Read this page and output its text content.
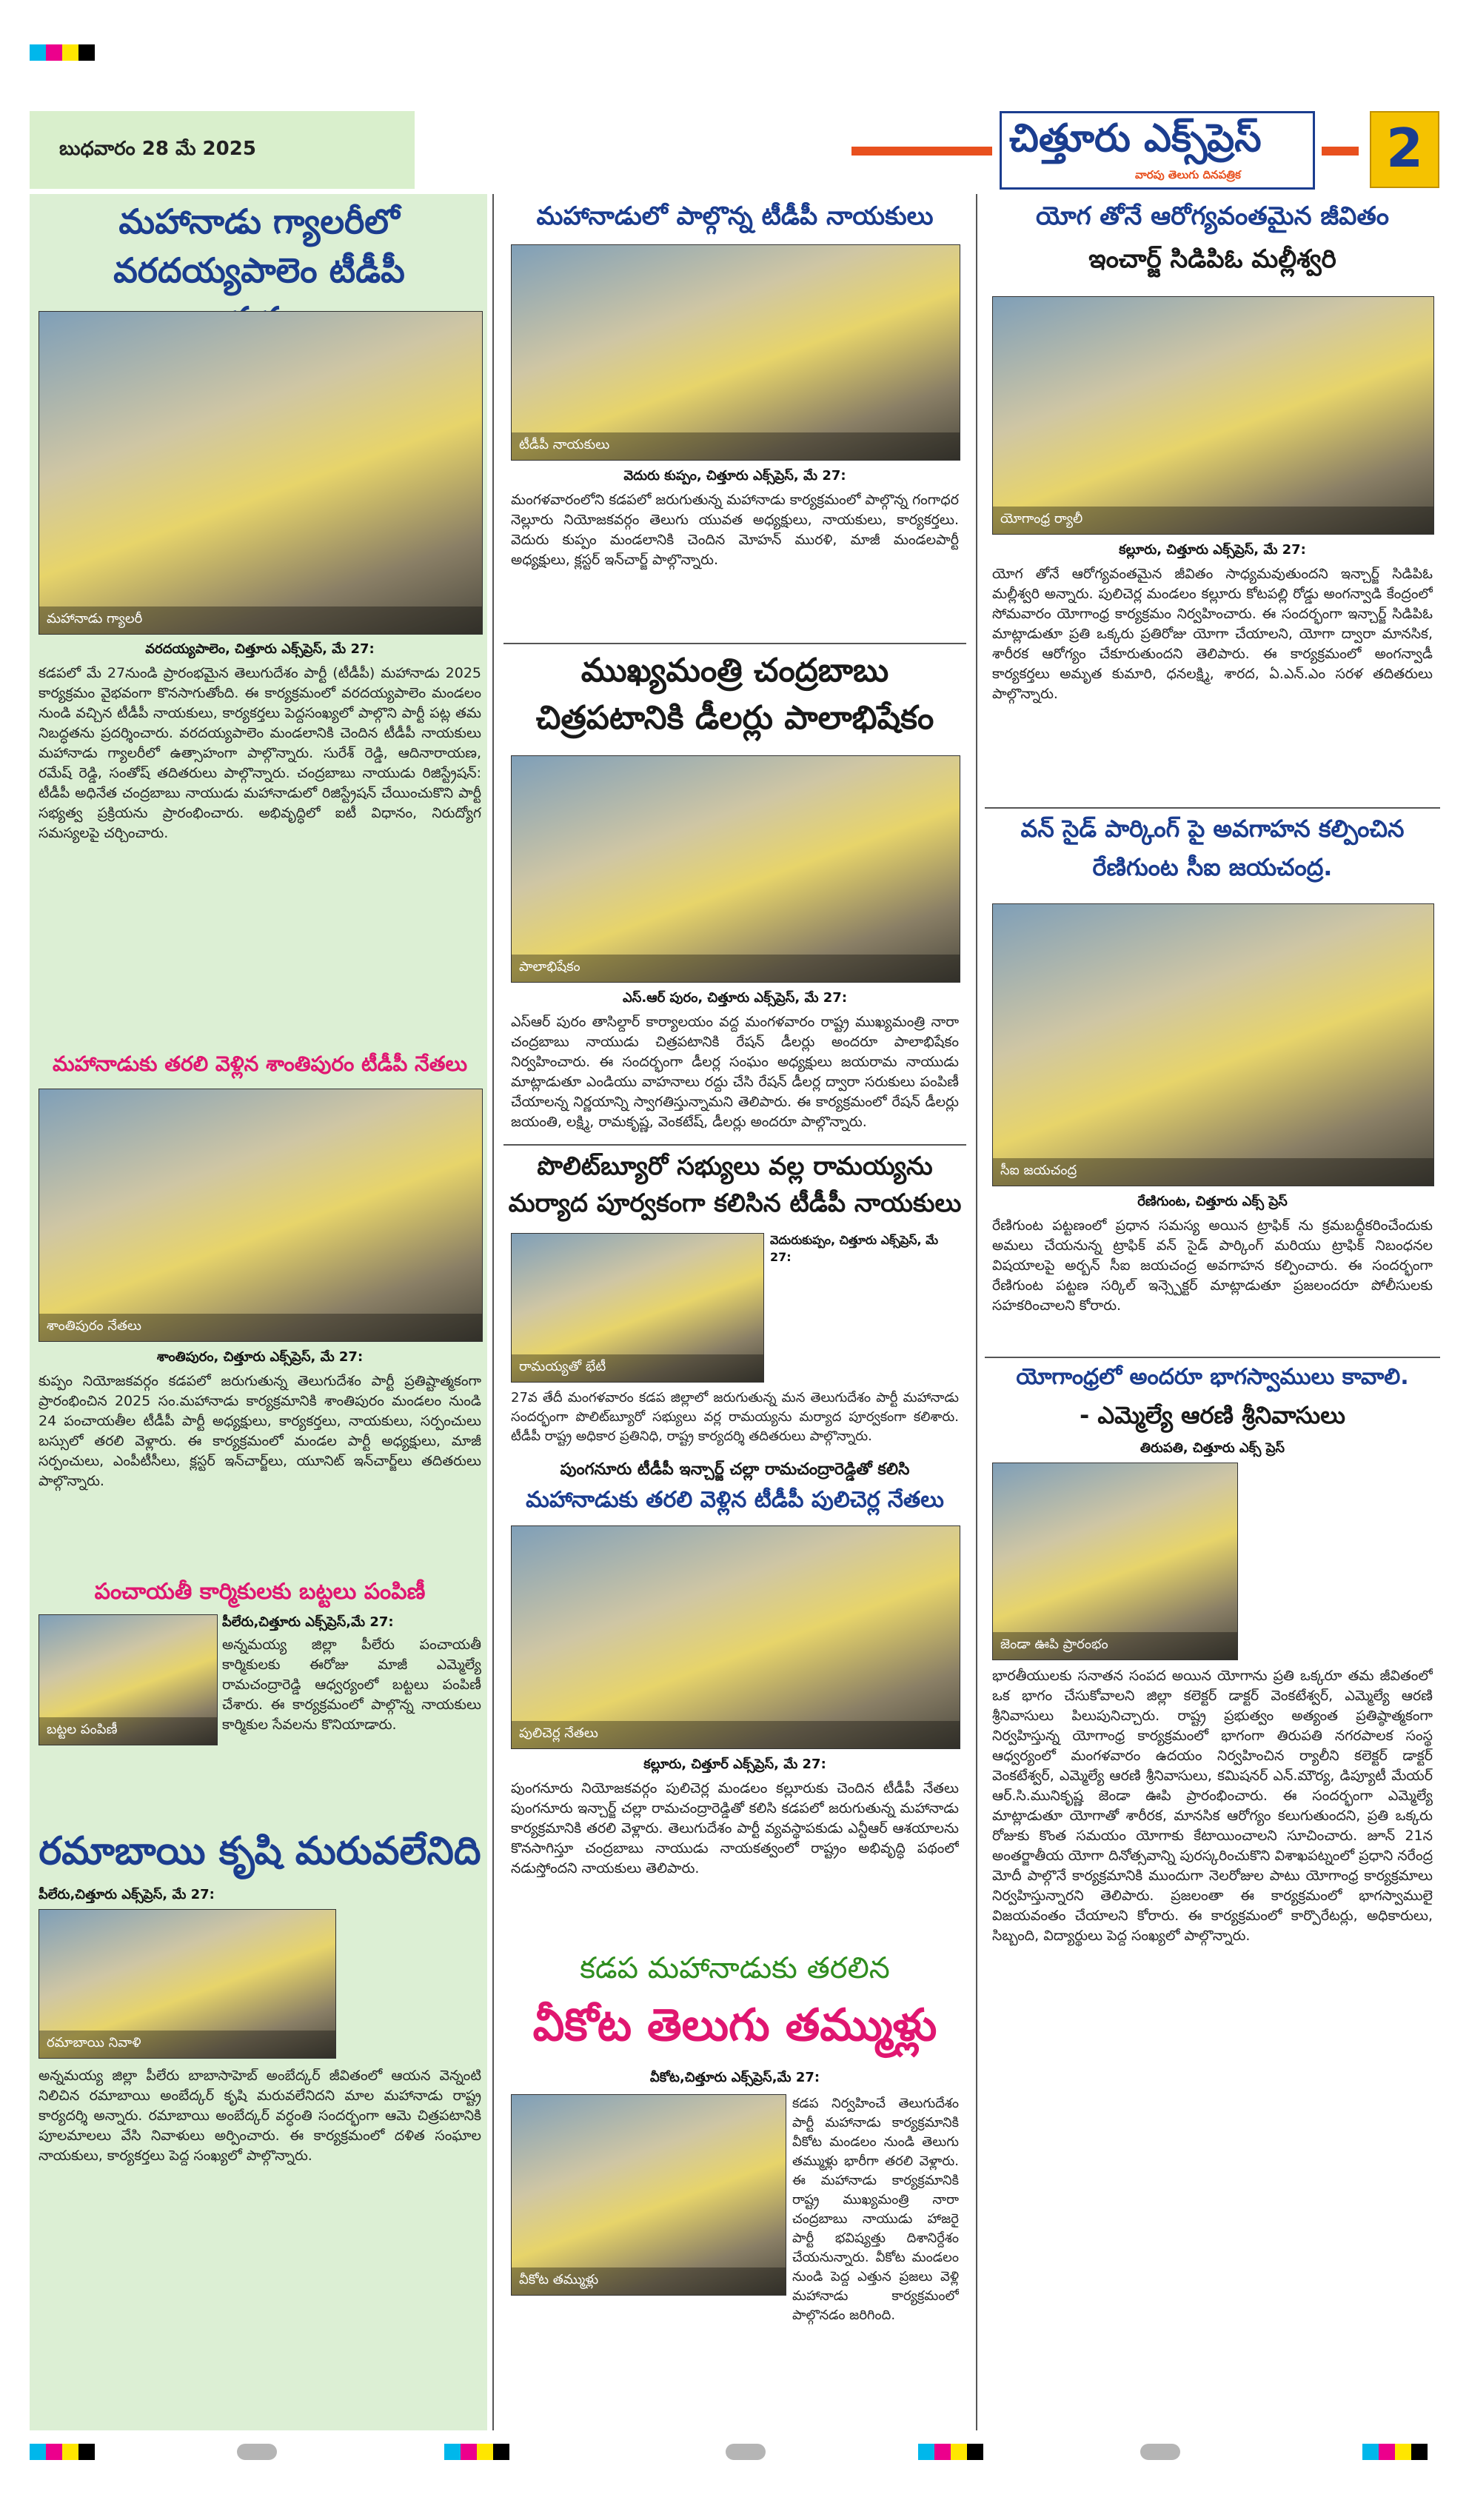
బుధవారం 28 మే 2025	చిత్తూరు ఎక్స్‌ప్రెస్
వారపు తెలుగు దినపత్రిక	2
మహానాడు గ్యాలరీలో
వరదయ్యపాలెం టీడీపీ
మహానాడు గ్యాలరీ
వరదయ్యపాలెం, చిత్తూరు ఎక్స్‌ప్రెస్, మే 27:
కడపలో మే 27నుండి ప్రారంభమైన తెలుగుదేశం పార్టీ (టీడీపీ) మహానాడు 2025 కార్యక్రమం వైభవంగా కొనసాగుతోంది. ఈ కార్యక్రమంలో వరదయ్యపాలెం మండలం నుండి వచ్చిన టీడీపీ నాయకులు, కార్యకర్తలు పెద్దసంఖ్యలో పాల్గొని పార్టీ పట్ల తమ నిబద్ధతను ప్రదర్శించారు. వరదయ్యపాలెం మండలానికి చెందిన టీడీపీ నాయకులు మహానాడు గ్యాలరీలో ఉత్సాహంగా పాల్గొన్నారు. సురేశ్ రెడ్డి, ఆదినారాయణ, రమేష్ రెడ్డి, సంతోష్ తదితరులు పాల్గొన్నారు. చంద్రబాబు నాయుడు రిజిస్ట్రేషన్: టీడీపీ అధినేత చంద్రబాబు నాయుడు మహానాడులో రిజిస్ట్రేషన్ చేయించుకొని పార్టీ సభ్యత్వ ప్రక్రియను ప్రారంభించారు. అభివృద్ధిలో ఐటీ విధానం, నిరుద్యోగ సమస్యలపై చర్చించారు.
మహానాడుకు తరలి వెళ్లిన శాంతిపురం టీడీపీ నేతలు
శాంతిపురం నేతలు
శాంతిపురం, చిత్తూరు ఎక్స్‌ప్రెస్, మే 27:
కుప్పం నియోజకవర్గం కడపలో జరుగుతున్న తెలుగుదేశం పార్టీ ప్రతిష్టాత్మకంగా ప్రారంభించిన 2025 సం.మహానాడు కార్యక్రమానికి శాంతిపురం మండలం నుండి 24 పంచాయతీల టీడీపీ పార్టీ అధ్యక్షులు, కార్యకర్తలు, నాయకులు, సర్పంచులు బస్సులో తరలి వెళ్లారు. ఈ కార్యక్రమంలో మండల పార్టీ అధ్యక్షులు, మాజీ సర్పంచులు, ఎంపీటీసీలు, క్లస్టర్ ఇన్‌చార్జ్‌లు, యూనిట్ ఇన్‌చార్జ్‌లు తదితరులు పాల్గొన్నారు.
పంచాయతీ కార్మికులకు బట్టలు పంపిణీ
బట్టల పంపిణీ
పీలేరు,చిత్తూరు ఎక్స్‌ప్రెస్,మే 27:
అన్నమయ్య జిల్లా పీలేరు పంచాయతీ కార్మికులకు ఈరోజు మాజీ ఎమ్మెల్యే రామచంద్రారెడ్డి ఆధ్వర్యంలో బట్టలు పంపిణీ చేశారు. ఈ కార్యక్రమంలో పాల్గొన్న నాయకులు కార్మికుల సేవలను కొనియాడారు.
రమాబాయి కృషి మరువలేనిది
పీలేరు,చిత్తూరు ఎక్స్‌ప్రెస్, మే 27:
రమాబాయి నివాళి
అన్నమయ్య జిల్లా పీలేరు బాబాసాహెబ్ అంబేద్కర్ జీవితంలో ఆయన వెన్నంటి నిలిచిన రమాబాయి అంబేద్కర్ కృషి మరువలేనిదని మాల మహానాడు రాష్ట్ర కార్యదర్శి అన్నారు. రమాబాయి అంబేద్కర్ వర్ధంతి సందర్భంగా ఆమె చిత్రపటానికి పూలమాలలు వేసి నివాళులు అర్పించారు. ఈ కార్యక్రమంలో దళిత సంఘాల నాయకులు, కార్యకర్తలు పెద్ద సంఖ్యలో పాల్గొన్నారు.
మహానాడులో పాల్గొన్న టీడీపీ నాయకులు
టీడీపీ నాయకులు
వెదురు కుప్పం, చిత్తూరు ఎక్స్‌ప్రెస్, మే 27:
మంగళవారంలోని కడపలో జరుగుతున్న మహానాడు కార్యక్రమంలో పాల్గొన్న గంగాధర నెల్లూరు నియోజకవర్గం తెలుగు యువత అధ్యక్షులు, నాయకులు, కార్యకర్తలు. వెదురు కుప్పం మండలానికి చెందిన మోహన్ మురళి, మాజీ మండలపార్టీ అధ్యక్షులు, క్లస్టర్ ఇన్‌చార్జ్ పాల్గొన్నారు.
ముఖ్యమంత్రి చంద్రబాబు
చిత్రపటానికి డీలర్లు పాలాభిషేకం
పాలాభిషేకం
ఎస్.ఆర్ పురం, చిత్తూరు ఎక్స్‌ప్రెస్, మే 27:
ఎస్ఆర్ పురం తాసిల్దార్ కార్యాలయం వద్ద మంగళవారం రాష్ట్ర ముఖ్యమంత్రి నారా చంద్రబాబు నాయుడు చిత్రపటానికి రేషన్ డీలర్లు అందరూ పాలాభిషేకం నిర్వహించారు. ఈ సందర్భంగా డీలర్ల సంఘం అధ్యక్షులు జయరామ నాయుడు మాట్లాడుతూ ఎండియు వాహనాలు రద్దు చేసి రేషన్ డీలర్ల ద్వారా సరుకులు పంపిణీ చేయాలన్న నిర్ణయాన్ని స్వాగతిస్తున్నామని తెలిపారు. ఈ కార్యక్రమంలో రేషన్ డీలర్లు జయంతి, లక్ష్మి, రామకృష్ణ, వెంకటేష్, డీలర్లు అందరూ పాల్గొన్నారు.
పొలిట్‌బ్యూరో సభ్యులు వల్ల రామయ్యను
మర్యాద పూర్వకంగా కలిసిన టీడీపీ నాయకులు
రామయ్యతో భేటీ
వెదురుకుప్పం, చిత్తూరు ఎక్స్‌ప్రెస్, మే 27:
27వ తేదీ మంగళవారం కడప జిల్లాలో జరుగుతున్న మన తెలుగుదేశం పార్టీ మహానాడు సందర్భంగా పొలిట్‌బ్యూరో సభ్యులు వర్ల రామయ్యను మర్యాద పూర్వకంగా కలిశారు. టీడీపీ రాష్ట్ర అధికార ప్రతినిధి, రాష్ట్ర కార్యదర్శి తదితరులు పాల్గొన్నారు.
పుంగనూరు టీడీపీ ఇన్చార్జ్ చల్లా రామచంద్రారెడ్డితో కలిసి
మహానాడుకు తరలి వెళ్లిన టీడీపీ పులిచెర్ల నేతలు
పులిచెర్ల నేతలు
కల్లూరు, చిత్తూర్ ఎక్స్‌ప్రెస్, మే 27:
పుంగనూరు నియోజకవర్గం పులిచెర్ల మండలం కల్లూరుకు చెందిన టీడీపీ నేతలు పుంగనూరు ఇన్చార్జ్ చల్లా రామచంద్రారెడ్డితో కలిసి కడపలో జరుగుతున్న మహానాడు కార్యక్రమానికి తరలి వెళ్లారు. తెలుగుదేశం పార్టీ వ్యవస్థాపకుడు ఎన్టీఆర్ ఆశయాలను కొనసాగిస్తూ చంద్రబాబు నాయుడు నాయకత్వంలో రాష్ట్రం అభివృద్ధి పథంలో నడుస్తోందని నాయకులు తెలిపారు.
కడప మహానాడుకు తరలిన
వీకోట తెలుగు తమ్ముళ్లు
వీకోట,చిత్తూరు ఎక్స్‌ప్రెస్,మే 27:
వీకోట తమ్ముళ్లు
కడప నిర్వహించే తెలుగుదేశం పార్టీ మహానాడు కార్యక్రమానికి వీకోట మండలం నుండి తెలుగు తమ్ముళ్లు భారీగా తరలి వెళ్లారు. ఈ మహానాడు కార్యక్రమానికి రాష్ట్ర ముఖ్యమంత్రి నారా చంద్రబాబు నాయుడు హాజరై పార్టీ భవిష్యత్తు దిశానిర్దేశం చేయనున్నారు. వీకోట మండలం నుండి పెద్ద ఎత్తున ప్రజలు వెళ్లి మహానాడు కార్యక్రమంలో పాల్గొనడం జరిగింది.
యోగ తోనే ఆరోగ్యవంతమైన జీవితం
ఇంచార్జ్ సిడిపిఓ మల్లీశ్వరి
యోగాంధ్ర ర్యాలీ
కల్లూరు, చిత్తూరు ఎక్స్‌ప్రెస్, మే 27:
యోగ తోనే ఆరోగ్యవంతమైన జీవితం సాధ్యమవుతుందని ఇన్చార్జ్ సిడిపిఓ మల్లీశ్వరి అన్నారు. పులిచెర్ల మండలం కల్లూరు కోటపల్లి రోడ్డు అంగన్వాడి కేంద్రంలో సోమవారం యోగాంధ్ర కార్యక్రమం నిర్వహించారు. ఈ సందర్భంగా ఇన్చార్జ్ సిడిపిఓ మాట్లాడుతూ ప్రతి ఒక్కరు ప్రతిరోజు యోగా చేయాలని, యోగా ద్వారా మానసిక, శారీరక ఆరోగ్యం చేకూరుతుందని తెలిపారు. ఈ కార్యక్రమంలో అంగన్వాడీ కార్యకర్తలు అమృత కుమారి, ధనలక్ష్మి, శారద, ఏ.ఎన్.ఎం సరళ తదితరులు పాల్గొన్నారు.
వన్ సైడ్ పార్కింగ్ పై అవగాహన కల్పించిన
రేణిగుంట సీఐ జయచంద్ర.
సీఐ జయచంద్ర
రేణిగుంట, చిత్తూరు ఎక్స్ ప్రెస్
రేణిగుంట పట్టణంలో ప్రధాన సమస్య అయిన ట్రాఫిక్ ను క్రమబద్ధీకరించేందుకు అమలు చేయనున్న ట్రాఫిక్ వన్ సైడ్ పార్కింగ్ మరియు ట్రాఫిక్ నిబంధనల విషయాలపై అర్బన్ సీఐ జయచంద్ర అవగాహన కల్పించారు. ఈ సందర్భంగా రేణిగుంట పట్టణ సర్కిల్ ఇన్స్పెక్టర్ మాట్లాడుతూ ప్రజలందరూ పోలీసులకు సహకరించాలని కోరారు.
యోగాంధ్రలో అందరూ భాగస్వాములు కావాలి.
- ఎమ్మెల్యే ఆరణి శ్రీనివాసులు
తిరుపతి, చిత్తూరు ఎక్స్ ప్రెస్
జెండా ఊపి ప్రారంభం
భారతీయులకు సనాతన సంపద అయిన యోగాను ప్రతి ఒక్కరూ తమ జీవితంలో ఒక భాగం చేసుకోవాలని జిల్లా కలెక్టర్ డాక్టర్ వెంకటేశ్వర్, ఎమ్మెల్యే ఆరణి శ్రీనివాసులు పిలుపునిచ్చారు. రాష్ట్ర ప్రభుత్వం అత్యంత ప్రతిష్ఠాత్మకంగా నిర్వహిస్తున్న యోగాంధ్ర కార్యక్రమంలో భాగంగా తిరుపతి నగరపాలక సంస్థ ఆధ్వర్యంలో మంగళవారం ఉదయం నిర్వహించిన ర్యాలీని కలెక్టర్ డాక్టర్ వెంకటేశ్వర్, ఎమ్మెల్యే ఆరణి శ్రీనివాసులు, కమిషనర్ ఎన్.మౌర్య, డిప్యూటీ మేయర్ ఆర్.సి.మునికృష్ణ జెండా ఊపి ప్రారంభించారు. ఈ సందర్భంగా ఎమ్మెల్యే మాట్లాడుతూ యోగాతో శారీరక, మానసిక ఆరోగ్యం కలుగుతుందని, ప్రతి ఒక్కరు రోజుకు కొంత సమయం యోగాకు కేటాయించాలని సూచించారు. జూన్ 21న అంతర్జాతీయ యోగా దినోత్సవాన్ని పురస్కరించుకొని విశాఖపట్నంలో ప్రధాని నరేంద్ర మోదీ పాల్గొనే కార్యక్రమానికి ముందుగా నెలరోజుల పాటు యోగాంధ్ర కార్యక్రమాలు నిర్వహిస్తున్నారని తెలిపారు. ప్రజలంతా ఈ కార్యక్రమంలో భాగస్వాములై విజయవంతం చేయాలని కోరారు. ఈ కార్యక్రమంలో కార్పొరేటర్లు, అధికారులు, సిబ్బంది, విద్యార్థులు పెద్ద సంఖ్యలో పాల్గొన్నారు.
